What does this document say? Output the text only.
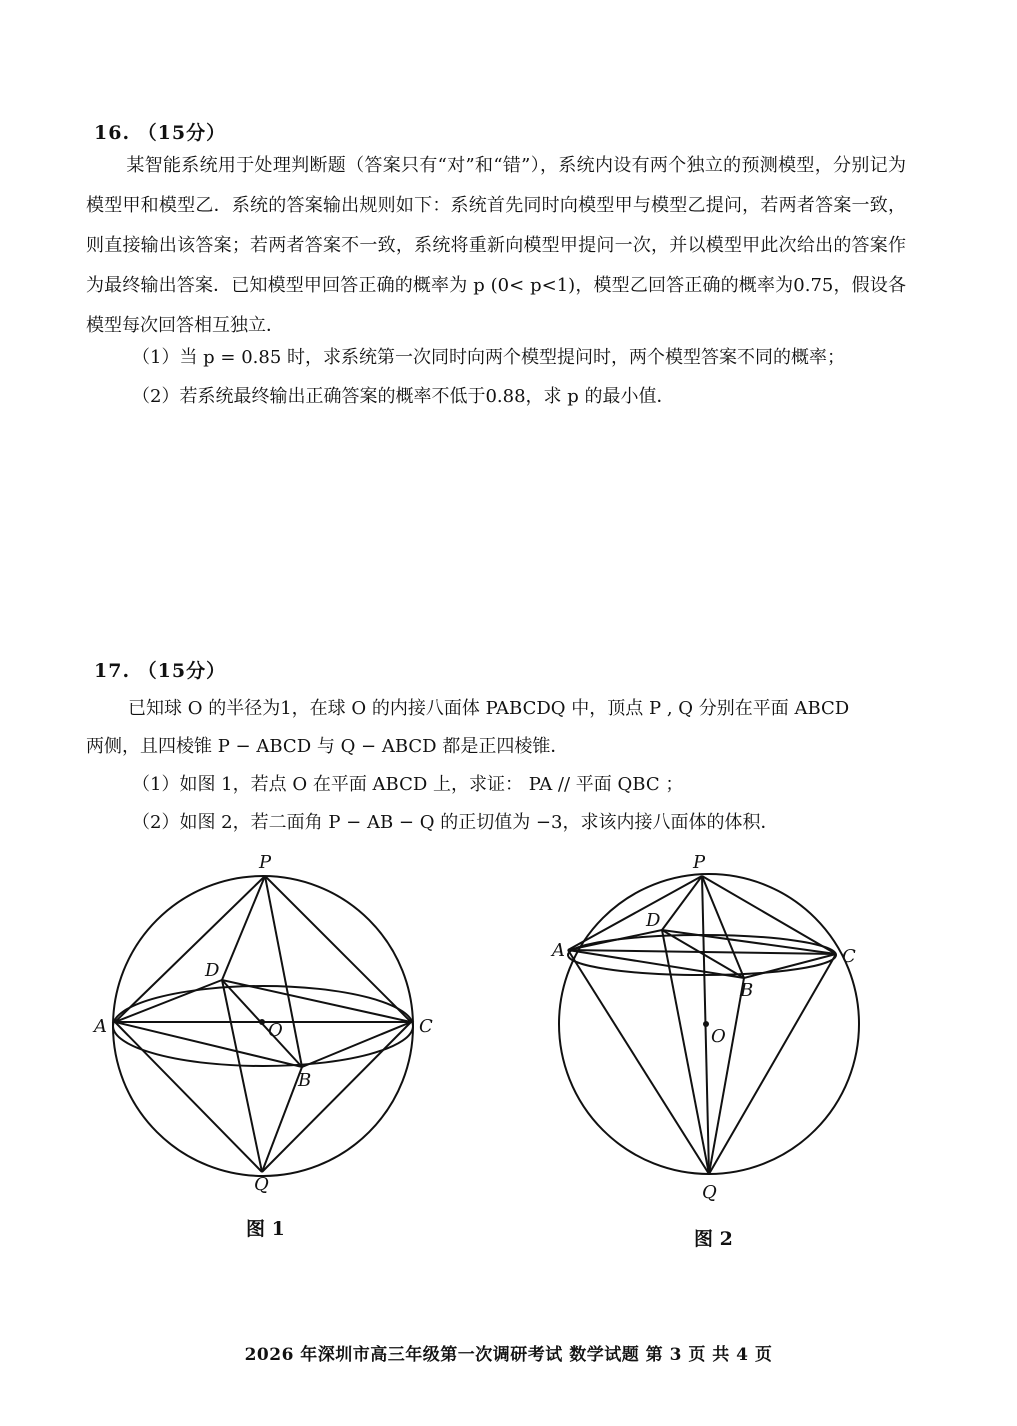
16. （15分）
某智能系统用于处理判断题（答案只有“对”和“错”），系统内设有两个独立的预测模型，分别记为模型甲和模型乙．系统的答案输出规则如下：系统首先同时向模型甲与模型乙提问，若两者答案一致，则直接输出该答案；若两者答案不一致，系统将重新向模型甲提问一次，并以模型甲此次给出的答案作为最终输出答案．已知模型甲回答正确的概率为 p (0< p<1)，模型乙回答正确的概率为0.75，假设各模型每次回答相互独立．
（1）当 p = 0.85 时，求系统第一次同时向两个模型提问时，两个模型答案不同的概率；
（2）若系统最终输出正确答案的概率不低于0.88，求 p 的最小值．
17. （15分）
已知球 O 的半径为1，在球 O 的内接八面体 PABCDQ 中，顶点 P , Q 分别在平面 ABCD
两侧，且四棱锥 P − ABCD 与 Q − ABCD 都是正四棱锥．
（1）如图 1，若点 O 在平面 ABCD 上，求证： PA // 平面 QBC ；
（2）如图 2，若二面角 P − AB − Q 的正切值为 −3，求该内接八面体的体积．
P
A
D
C
O
B
Q
P
A
D
C
B
O
Q
图 1	图 2
2026 年深圳市高三年级第一次调研考试 数学试题 第 3 页 共 4 页
